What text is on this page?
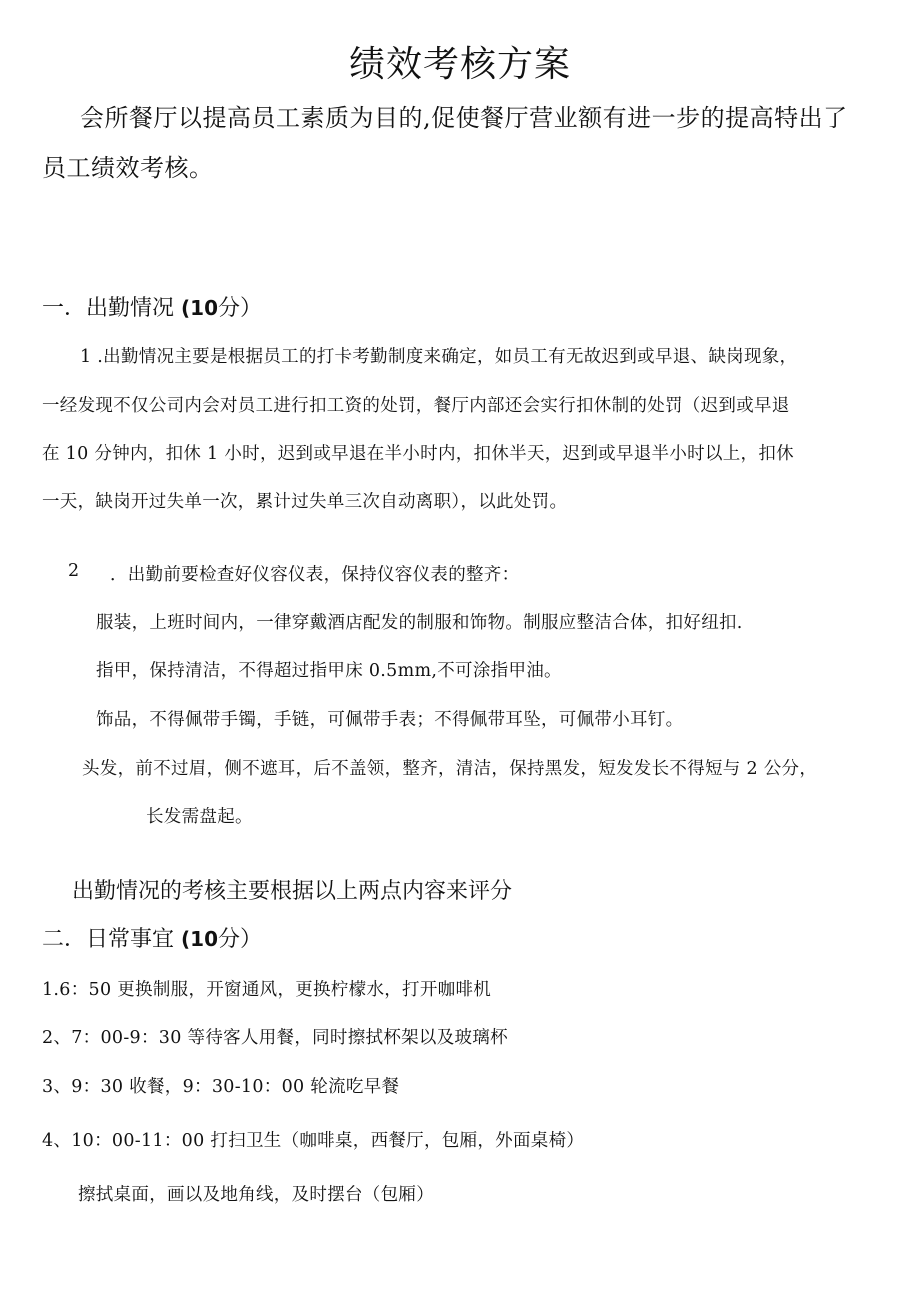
绩效考核方案
会所餐厅以提高员工素质为目的,促使餐厅营业额有进一步的提高特出了
员工绩效考核。
一．出勤情况 (10分）
1 .出勤情况主要是根据员工的打卡考勤制度来确定，如员工有无故迟到或早退、缺岗现象，
一经发现不仅公司内会对员工进行扣工资的处罚，餐厅内部还会实行扣休制的处罚（迟到或早退
在 10 分钟内，扣休 1 小时，迟到或早退在半小时内，扣休半天，迟到或早退半小时以上，扣休
一天，缺岗开过失单一次，累计过失单三次自动离职），以此处罚。
2 ．出勤前要检查好仪容仪表，保持仪容仪表的整齐：
服装，上班时间内，一律穿戴酒店配发的制服和饰物。制服应整洁合体，扣好纽扣.
指甲，保持清洁，不得超过指甲床 0.5mm,不可涂指甲油。
饰品，不得佩带手镯，手链，可佩带手表；不得佩带耳坠，可佩带小耳钉。
头发，前不过眉，侧不遮耳，后不盖领，整齐，清洁，保持黑发，短发发长不得短与 2 公分，
长发需盘起。
出勤情况的考核主要根据以上两点内容来评分
二．日常事宜 (10分）
1.6：50 更换制服，开窗通风，更换柠檬水，打开咖啡机
2、7：00-9：30 等待客人用餐，同时擦拭杯架以及玻璃杯
3、9：30 收餐，9：30-10：00 轮流吃早餐
4、10：00-11：00 打扫卫生（咖啡桌，西餐厅，包厢，外面桌椅）
擦拭桌面，画以及地角线，及时摆台（包厢）
